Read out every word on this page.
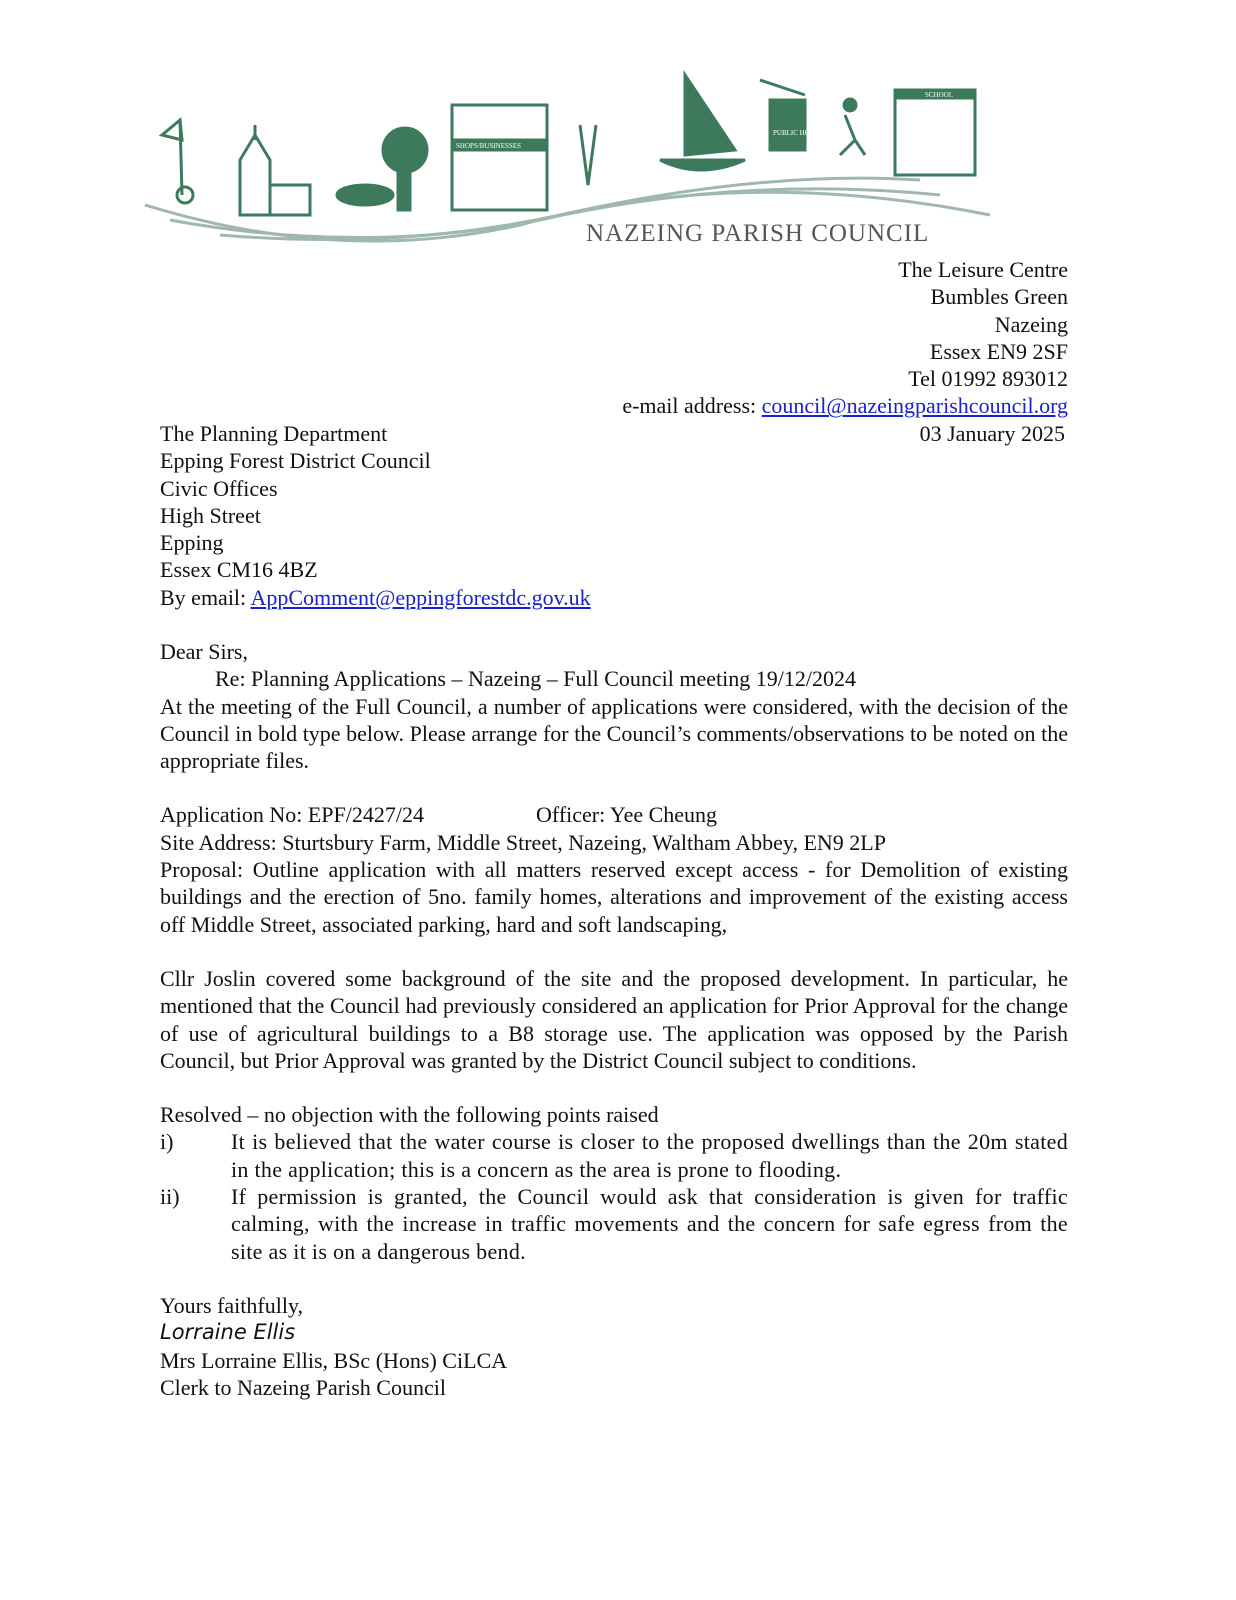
SHOPS/BUSINESSES
PUBLIC HOUSES
SCHOOL
NAZEING PARISH COUNCIL
The Leisure Centre
Bumbles Green
Nazeing
Essex EN9 2SF
Tel 01992 893012
e-mail address: council@nazeingparishcouncil.org
03 January 2025
The Planning Department
Epping Forest District Council
Civic Offices
High Street
Epping
Essex CM16 4BZ
By email: AppComment@eppingforestdc.gov.uk
Dear Sirs,
Re: Planning Applications – Nazeing – Full Council meeting 19/12/2024
At the meeting of the Full Council, a number of applications were considered, with the decision of the Council in bold type below. Please arrange for the Council’s comments/observations to be noted on the appropriate files.
Application No: EPF/2427/24	Officer: Yee Cheung
Site Address: Sturtsbury Farm, Middle Street, Nazeing, Waltham Abbey, EN9 2LP
Proposal: Outline application with all matters reserved except access - for Demolition of existing buildings and the erection of 5no. family homes, alterations and improvement of the existing access off Middle Street, associated parking, hard and soft landscaping,
Cllr Joslin covered some background of the site and the proposed development. In particular, he mentioned that the Council had previously considered an application for Prior Approval for the change of use of agricultural buildings to a B8 storage use. The application was opposed by the Parish Council, but Prior Approval was granted by the District Council subject to conditions.
Resolved – no objection with the following points raised
i)	It is believed that the water course is closer to the proposed dwellings than the 20m stated in the application; this is a concern as the area is prone to flooding.
ii)	If permission is granted, the Council would ask that consideration is given for traffic calming, with the increase in traffic movements and the concern for safe egress from the site as it is on a dangerous bend.
Yours faithfully,
Lorraine Ellis
Mrs Lorraine Ellis, BSc (Hons) CiLCA
Clerk to Nazeing Parish Council
